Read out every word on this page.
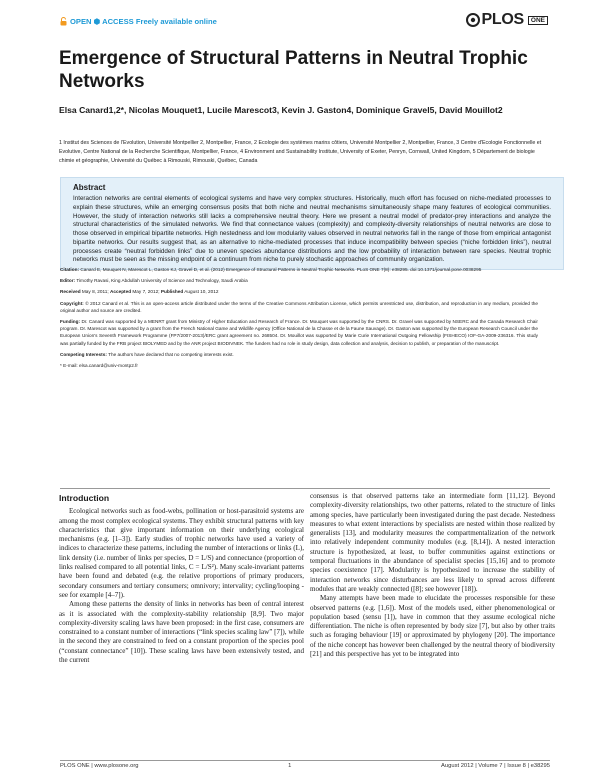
OPEN ⬢ ACCESS Freely available online	PLOS	ONE
Emergence of Structural Patterns in Neutral Trophic Networks
Elsa Canard1,2*, Nicolas Mouquet1, Lucile Marescot3, Kevin J. Gaston4, Dominique Gravel5, David Mouillot2
1 Institut des Sciences de l'Evolution, Université Montpellier 2, Montpellier, France, 2 Ecologie des systèmes marins côtiers, Université Montpellier 2, Montpellier, France, 3 Centre d'Ecologie Fonctionnelle et Evolutive, Centre National de la Recherche Scientifique, Montpellier, France, 4 Environment and Sustainability Institute, University of Exeter, Penryn, Cornwall, United Kingdom, 5 Département de biologie chimie et géographie, Université du Québec à Rimouski, Rimouski, Québec, Canada
Abstract

Interaction networks are central elements of ecological systems and have very complex structures. Historically, much effort has focused on niche-mediated processes to explain these structures, while an emerging consensus posits that both niche and neutral mechanisms simultaneously shape many features of ecological communities. However, the study of interaction networks still lacks a comprehensive neutral theory. Here we present a neutral model of predator-prey interactions and analyze the structural characteristics of the simulated networks. We find that connectance values (complexity) and complexity-diversity relationships of neutral networks are close to those observed in empirical bipartite networks. High nestedness and low modularity values observed in neutral networks fall in the range of those from empirical antagonist bipartite networks. Our results suggest that, as an alternative to niche-mediated processes that induce incompatibility between species (“niche forbidden links”), neutral processes create “neutral forbidden links” due to uneven species abundance distributions and the low probability of interaction between rare species. Neutral trophic networks must be seen as the missing endpoint of a continuum from niche to purely stochastic approaches of community organization.

Citation: Canard E, Mouquet N, Marescot L, Gaston KJ, Gravel D, et al. (2012) Emergence of Structural Patterns in Neutral Trophic Networks. PLoS ONE 7(8): e38295. doi:10.1371/journal.pone.0038295

Editor: Timothy Ravasi, King Abdullah University of Science and Technology, Saudi Arabia

Received May 8, 2011; Accepted May 7, 2012; Published August 10, 2012

Copyright: © 2012 Canard et al. This is an open-access article distributed under the terms of the Creative Commons Attribution License, which permits unrestricted use, distribution, and reproduction in any medium, provided the original author and source are credited.

Funding: Dr. Canard was supported by a MENRT grant from Ministry of Higher Education and Research of France. Dr. Mouquet was supported by the CNRS. Dr. Gravel was supported by NSERC and the Canada Research Chair program. Dr. Marescot was supported by a grant from the French National Game and Wildlife Agency (Office National de la Chasse et de la Faune Sauvage). Dr. Gaston was supported by the European Research Council under the European Union's Seventh Framework Programme (FP7/2007-2013)/ERC grant agreement no. 268504. Dr. Mouillot was supported by Marie Curie International Outgoing Fellowship (FISHECO) IOF-GA-2009-236316. This study was partially funded by the FRB project BIOLYMED and by the ANR project BIODIVNEK. The funders had no role in study design, data collection and analysis, decision to publish, or preparation of the manuscript.

Competing Interests: The authors have declared that no competing interests exist.

* E-mail: elsa.canard@univ-montp2.fr

Introduction

Ecological networks such as food-webs, pollination or host-parasitoid systems are among the most complex ecological systems. They exhibit structural patterns with key characteristics that give important information on their underlying ecological mechanisms (e.g. [1–3]). Early studies of trophic networks have used a variety of indices to characterize these patterns, including the number of interactions or links (L), link density (i.e. number of links per species, D = L/S) and connectance (proportion of links realised compared to all potential links, C = L/S²). Many scale-invariant patterns have been found and debated (e.g. the relative proportions of primary producers, secondary consumers and tertiary consumers; omnivory; intervality; cycling/looping - see for example [4–7]).

Among these patterns the density of links in networks has been of central interest as it is associated with the complexity-stability relationship [8,9]. Two major complexity-diversity scaling laws have been proposed: in the first case, consumers are constrained to a constant number of interactions (“link species scaling law” [7]), while in the second they are constrained to feed on a constant proportion of the species pool (“constant connectance” [10]). These scaling laws have been extensively tested, and the current

consensus is that observed patterns take an intermediate form [11,12]. Beyond complexity-diversity relationships, two other patterns, related to the structure of links among species, have particularly been investigated during the past decade. Nestedness measures to what extent interactions by specialists are nested within those realized by generalists [13], and modularity measures the compartmentalization of the network into relatively independent community modules (e.g. [8,14]). A nested interaction structure is hypothesized, at least, to buffer communities against extinctions or temporal fluctuations in the abundance of specialist species [15,16] and to promote species coexistence [17]. Modularity is hypothesized to increase the stability of interaction networks since disturbances are less likely to spread across different modules that are weakly connected ([8]; see however [18]).

Many attempts have been made to elucidate the processes responsible for these observed patterns (e.g. [1,6]). Most of the models used, either phenomenological or population based (sensu [1]), have in common that they assume ecological niche differentiation. The niche is often represented by body size [7], but also by other traits such as foraging behaviour [19] or approximated by phylogeny [20]. The importance of the niche concept has however been challenged by the neutral theory of biodiversity [21] and this perspective has yet to be integrated into

PLOS ONE | www.plosone.org	1	August 2012 | Volume 7 | Issue 8 | e38295
